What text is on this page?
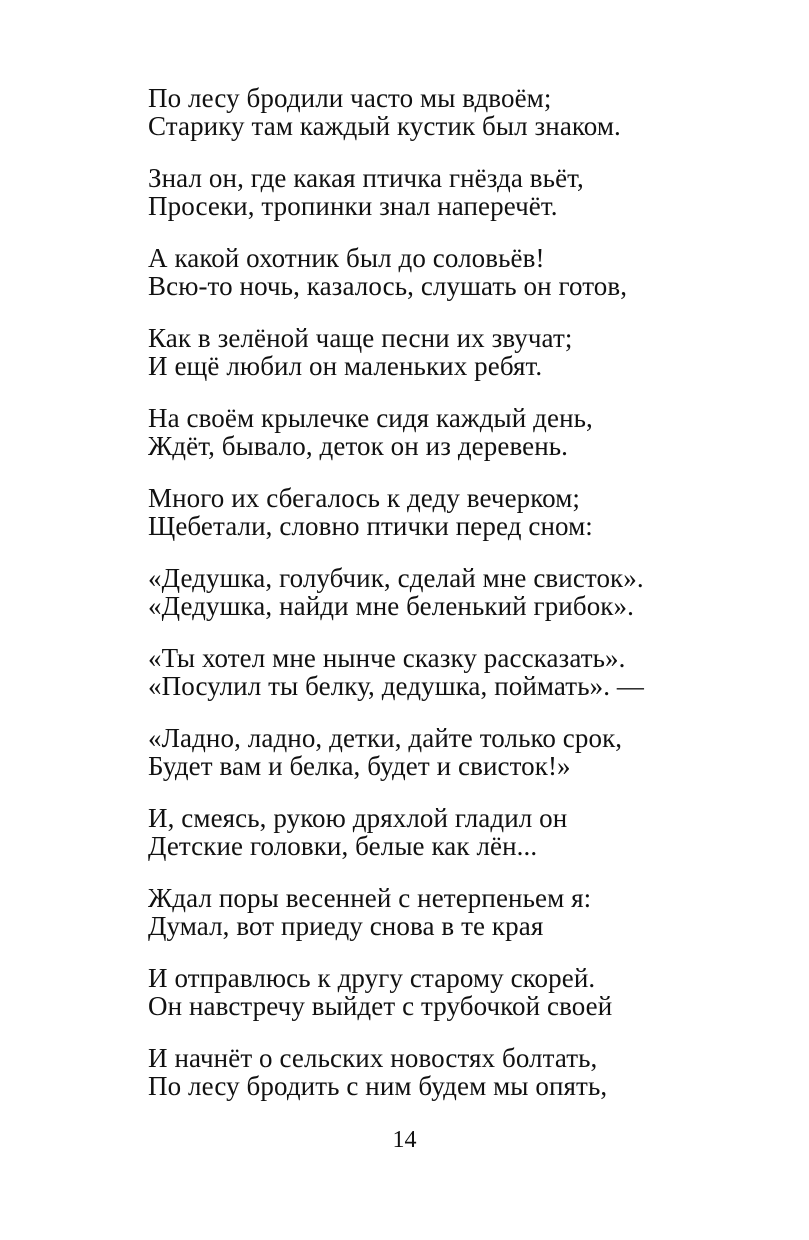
По лесу бродили часто мы вдвоём;
Старику там каждый кустик был знаком.
Знал он, где какая птичка гнёзда вьёт,
Просеки, тропинки знал наперечёт.
А какой охотник был до соловьёв!
Всю-то ночь, казалось, слушать он готов,
Как в зелёной чаще песни их звучат;
И ещё любил он маленьких ребят.
На своём крылечке сидя каждый день,
Ждёт, бывало, деток он из деревень.
Много их сбегалось к деду вечерком;
Щебетали, словно птички перед сном:
«Дедушка, голубчик, сделай мне свисток».
«Дедушка, найди мне беленький грибок».
«Ты хотел мне нынче сказку рассказать».
«Посулил ты белку, дедушка, поймать». —
«Ладно, ладно, детки, дайте только срок,
Будет вам и белка, будет и свисток!»
И, смеясь, рукою дряхлой гладил он
Детские головки, белые как лён...
Ждал поры весенней с нетерпеньем я:
Думал, вот приеду снова в те края
И отправлюсь к другу старому скорей.
Он навстречу выйдет с трубочкой своей
И начнёт о сельских новостях болтать,
По лесу бродить с ним будем мы опять,
14
